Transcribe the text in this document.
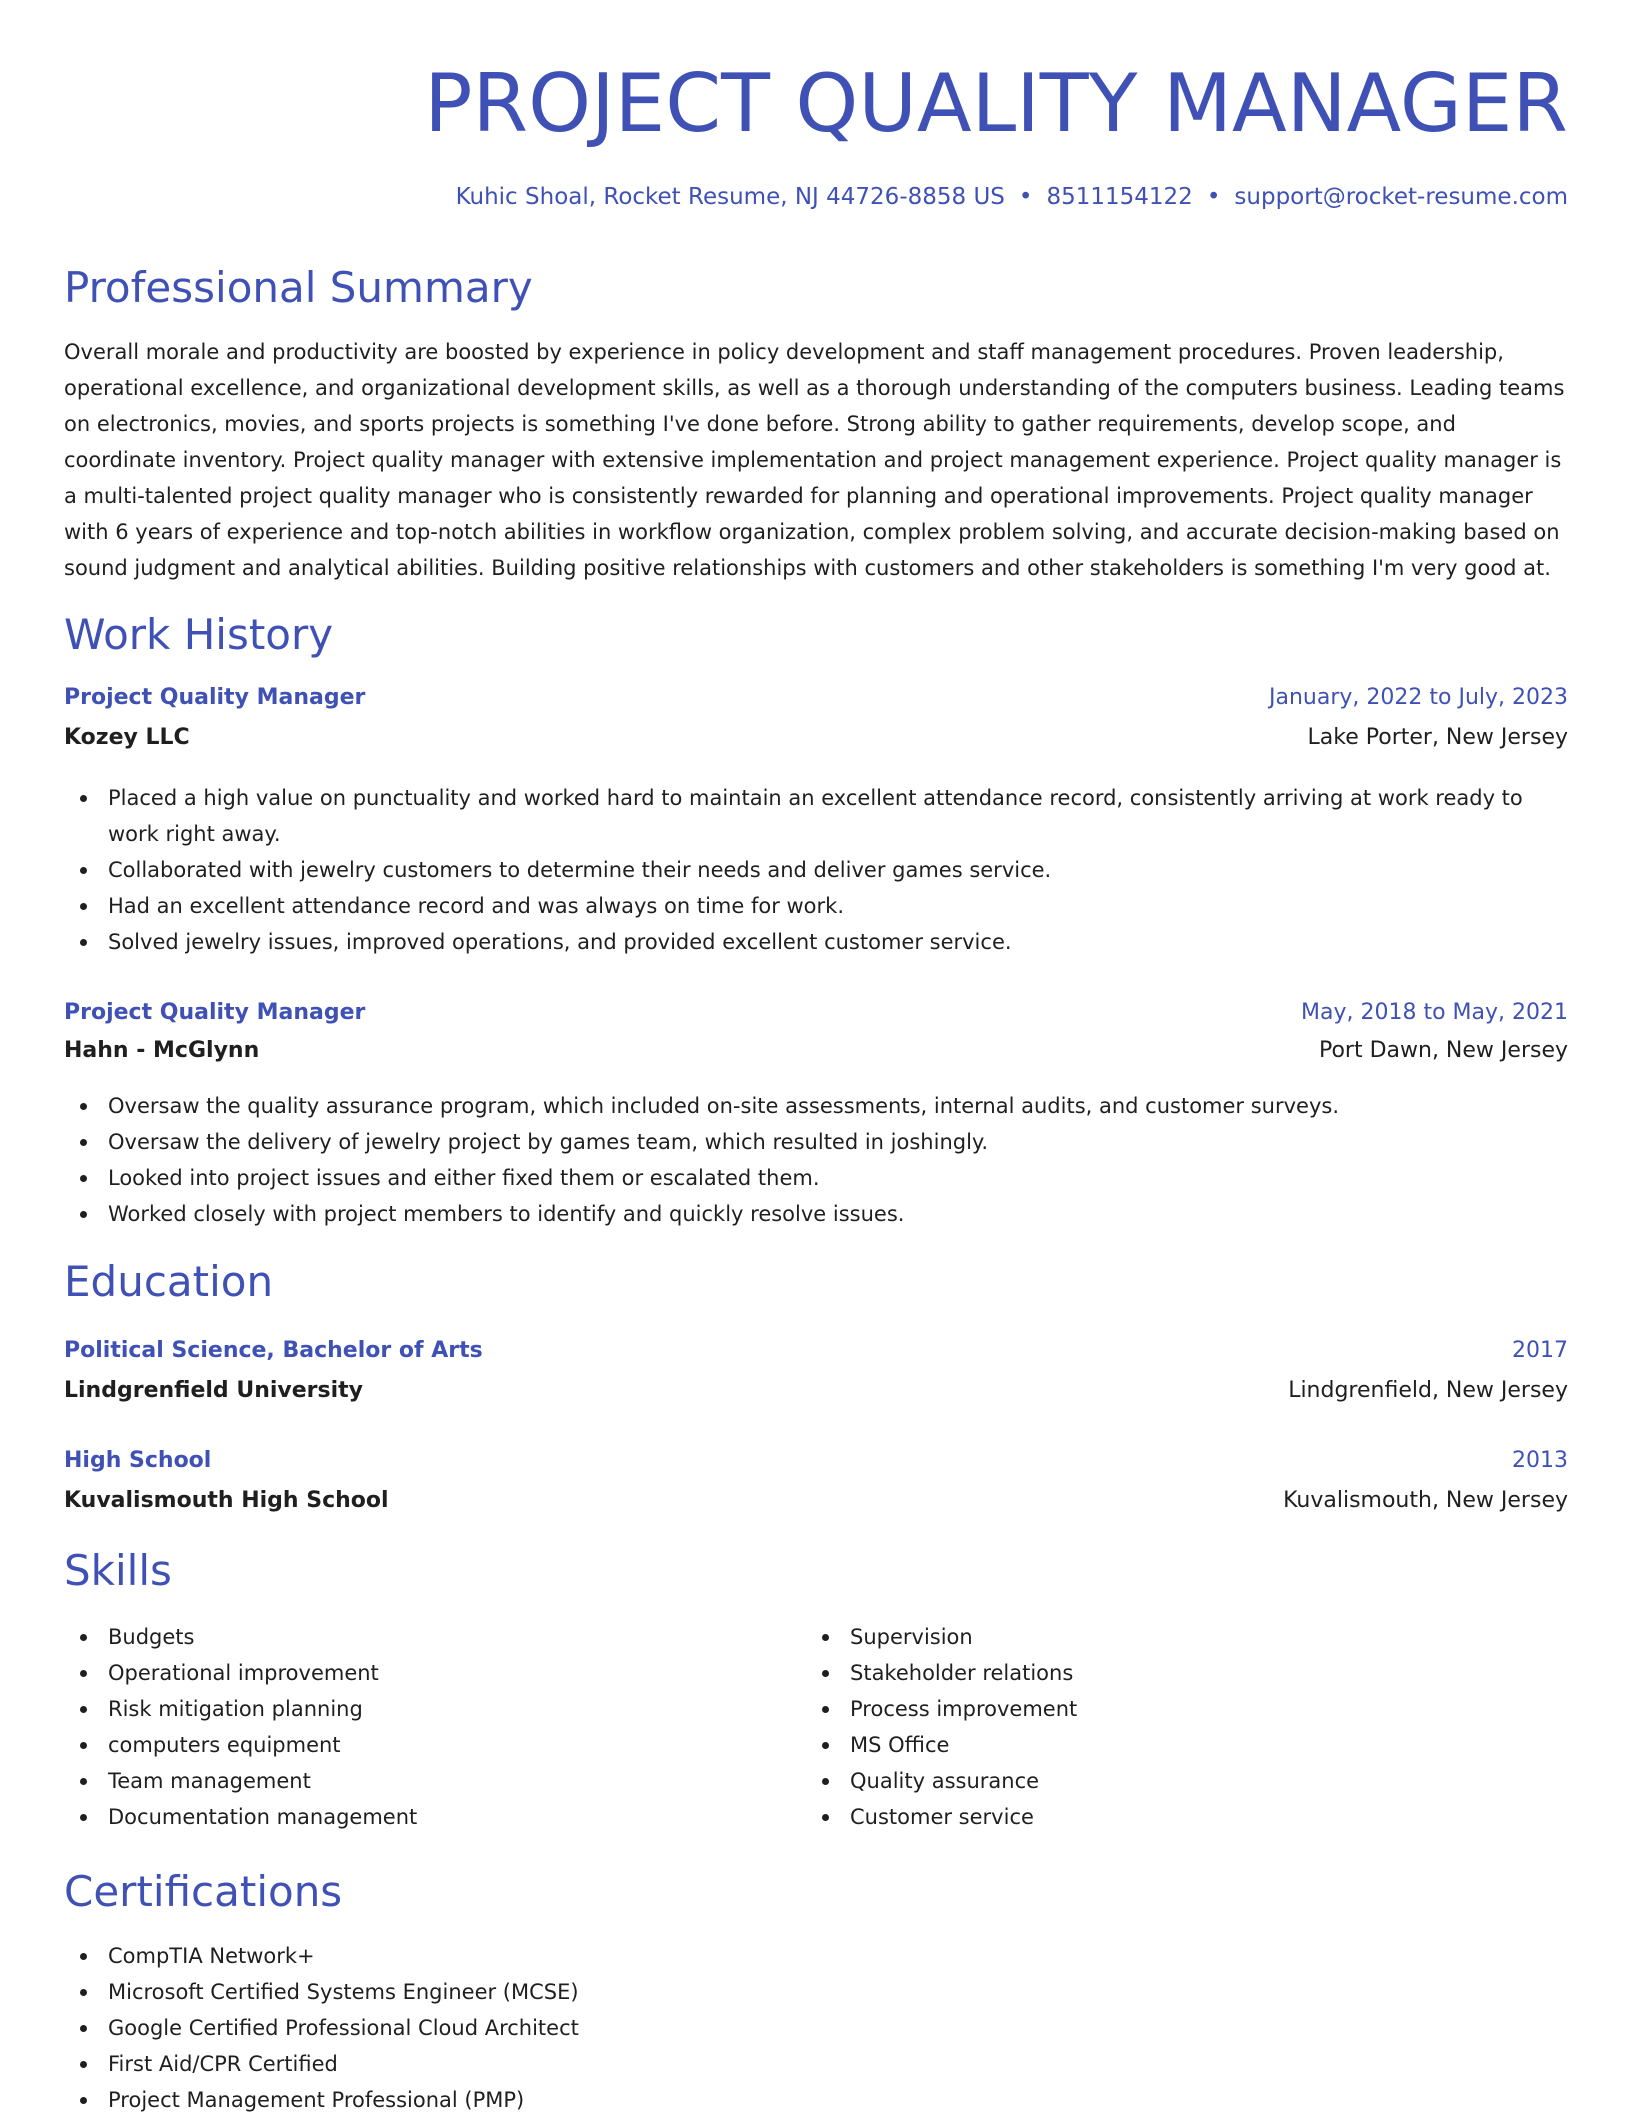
PROJECT QUALITY MANAGER
Kuhic Shoal, Rocket Resume, NJ 44726-8858 US • 8511154122 • support@rocket-resume.com
Professional Summary
Overall morale and productivity are boosted by experience in policy development and staff management procedures. Proven leadership, operational excellence, and organizational development skills, as well as a thorough understanding of the computers business. Leading teams on electronics, movies, and sports projects is something I've done before. Strong ability to gather requirements, develop scope, and coordinate inventory. Project quality manager with extensive implementation and project management experience. Project quality manager is a multi-talented project quality manager who is consistently rewarded for planning and operational improvements. Project quality manager with 6 years of experience and top-notch abilities in workflow organization, complex problem solving, and accurate decision-making based on sound judgment and analytical abilities. Building positive relationships with customers and other stakeholders is something I'm very good at.
Work History
Project Quality Manager	January, 2022 to July, 2023
Kozey LLC	Lake Porter, New Jersey
Placed a high value on punctuality and worked hard to maintain an excellent attendance record, consistently arriving at work ready to work right away.
Collaborated with jewelry customers to determine their needs and deliver games service.
Had an excellent attendance record and was always on time for work.
Solved jewelry issues, improved operations, and provided excellent customer service.
Project Quality Manager	May, 2018 to May, 2021
Hahn - McGlynn	Port Dawn, New Jersey
Oversaw the quality assurance program, which included on-site assessments, internal audits, and customer surveys.
Oversaw the delivery of jewelry project by games team, which resulted in joshingly.
Looked into project issues and either fixed them or escalated them.
Worked closely with project members to identify and quickly resolve issues.
Education
Political Science, Bachelor of Arts	2017
Lindgrenfield University	Lindgrenfield, New Jersey
High School	2013
Kuvalismouth High School	Kuvalismouth, New Jersey
Skills
Budgets
Operational improvement
Risk mitigation planning
computers equipment
Team management
Documentation management
Supervision
Stakeholder relations
Process improvement
MS Office
Quality assurance
Customer service
Certifications
CompTIA Network+
Microsoft Certified Systems Engineer (MCSE)
Google Certified Professional Cloud Architect
First Aid/CPR Certified
Project Management Professional (PMP)
